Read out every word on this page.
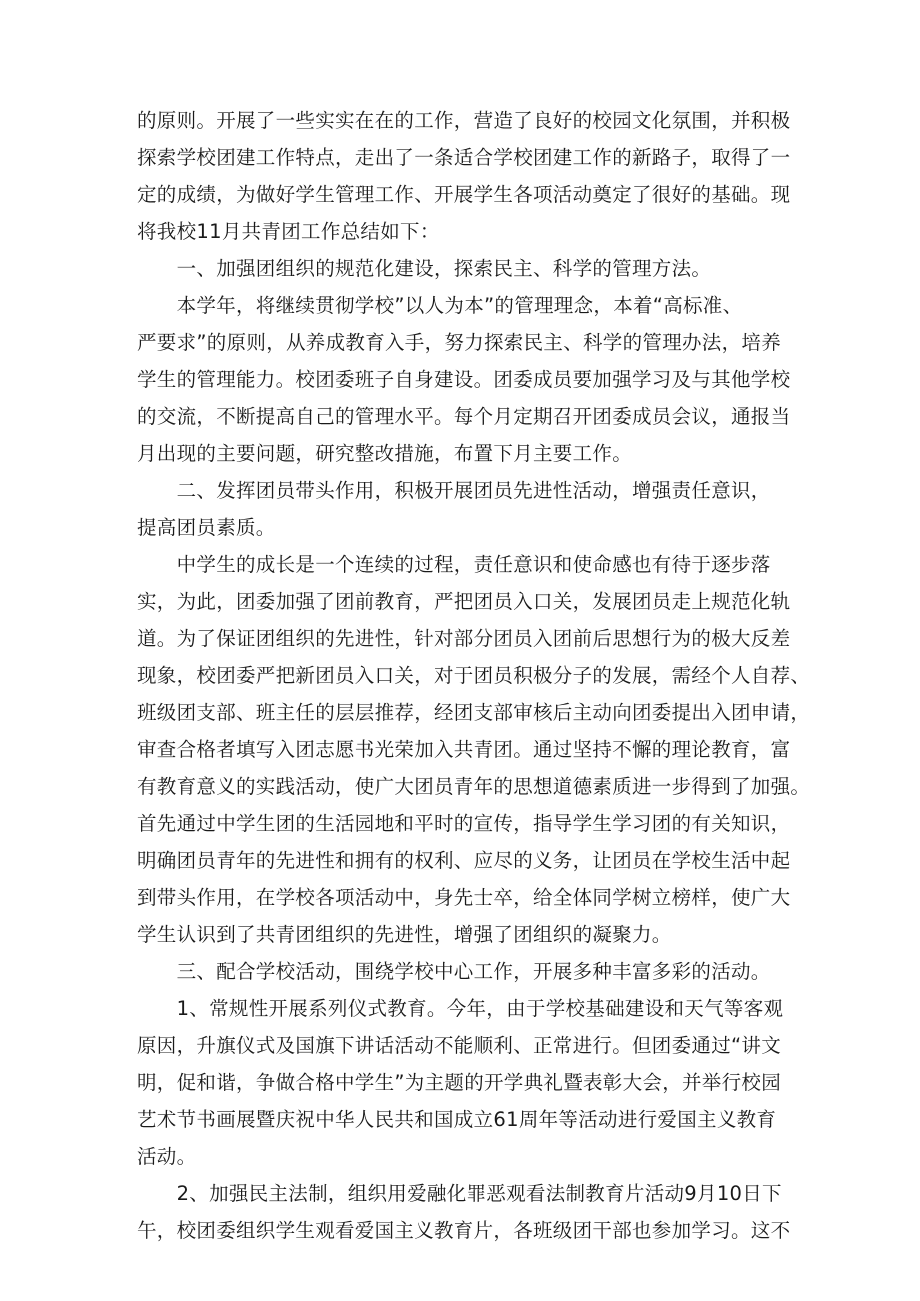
的原则。开展了一些实实在在的工作，营造了良好的校园文化氛围，并积极
探索学校团建工作特点，走出了一条适合学校团建工作的新路子，取得了一
定的成绩，为做好学生管理工作、开展学生各项活动奠定了很好的基础。现
将我校11月共青团工作总结如下：
　　一、加强团组织的规范化建设，探索民主、科学的管理方法。
　　本学年，将继续贯彻学校”以人为本”的管理理念，本着“高标准、
严要求”的原则，从养成教育入手，努力探索民主、科学的管理办法，培养
学生的管理能力。校团委班子自身建设。团委成员要加强学习及与其他学校
的交流，不断提高自己的管理水平。每个月定期召开团委成员会议，通报当
月出现的主要问题，研究整改措施，布置下月主要工作。
　　二、发挥团员带头作用，积极开展团员先进性活动，增强责任意识，
提高团员素质。
　　中学生的成长是一个连续的过程，责任意识和使命感也有待于逐步落
实，为此，团委加强了团前教育，严把团员入口关，发展团员走上规范化轨
道。为了保证团组织的先进性，针对部分团员入团前后思想行为的极大反差
现象，校团委严把新团员入口关，对于团员积极分子的发展，需经个人自荐、
班级团支部、班主任的层层推荐，经团支部审核后主动向团委提出入团申请，
审查合格者填写入团志愿书光荣加入共青团。通过坚持不懈的理论教育，富
有教育意义的实践活动，使广大团员青年的思想道德素质进一步得到了加强。
首先通过中学生团的生活园地和平时的宣传，指导学生学习团的有关知识，
明确团员青年的先进性和拥有的权利、应尽的义务，让团员在学校生活中起
到带头作用，在学校各项活动中，身先士卒，给全体同学树立榜样，使广大
学生认识到了共青团组织的先进性，增强了团组织的凝聚力。
　　三、配合学校活动，围绕学校中心工作，开展多种丰富多彩的活动。
　　1、常规性开展系列仪式教育。今年，由于学校基础建设和天气等客观
原因，升旗仪式及国旗下讲话活动不能顺利、正常进行。但团委通过“讲文
明，促和谐，争做合格中学生”为主题的开学典礼暨表彰大会，并举行校园
艺术节书画展暨庆祝中华人民共和国成立61周年等活动进行爱国主义教育
活动。
　　2、加强民主法制，组织用爱融化罪恶观看法制教育片活动9月10日下
午，校团委组织学生观看爱国主义教育片，各班级团干部也参加学习。这不
